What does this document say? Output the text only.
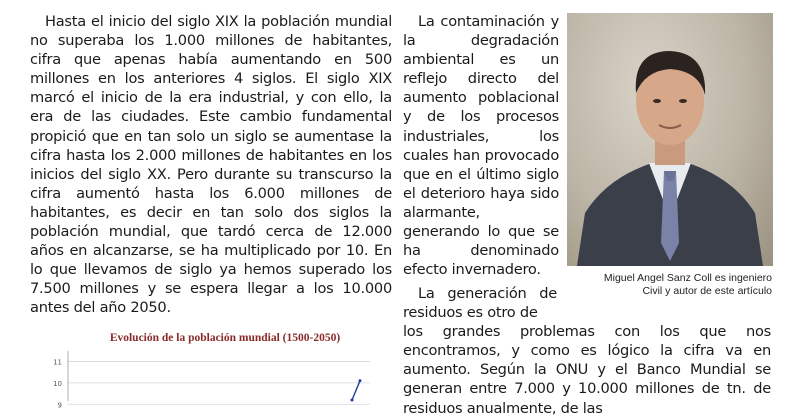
Hasta el inicio del siglo XIX la población mundial no superaba los 1.000 millones de habitantes, cifra que apenas había aumentando en 500 millones en los anteriores 4 siglos. El siglo XIX marcó el inicio de la era industrial, y con ello, la era de las ciudades. Este cambio fundamental propició que en tan solo un siglo se aumentase la cifra hasta los 2.000 millones de habitantes en los inicios del siglo XX. Pero durante su transcurso la cifra aumentó hasta los 6.000 millones de habitantes, es decir en tan solo dos siglos la población mundial, que tardó cerca de 12.000 años en alcanzarse, se ha multiplicado por 10. En lo que llevamos de siglo ya hemos superado los 7.500 millones y se espera llegar a los 10.000 antes del año 2050.

La contaminación y la degradación ambiental es un reflejo directo del aumento poblacional y de los procesos industriales, los cuales han provocado que en el último siglo el deterioro haya sido alarmante, generando lo que se ha denominado efecto invernadero.	Miguel Angel Sanz Coll es ingeniero
Civil y autor de este artículo

La generación de residuos es otro de

los grandes problemas con los que nos encontramos, y como es lógico la cifra va en aumento. Según la ONU y el Banco Mundial se generan entre 7.000 y 10.000 millones de tn. de residuos anualmente, de las

Evolución de la población mundial (1500-2050)
11
10
9
